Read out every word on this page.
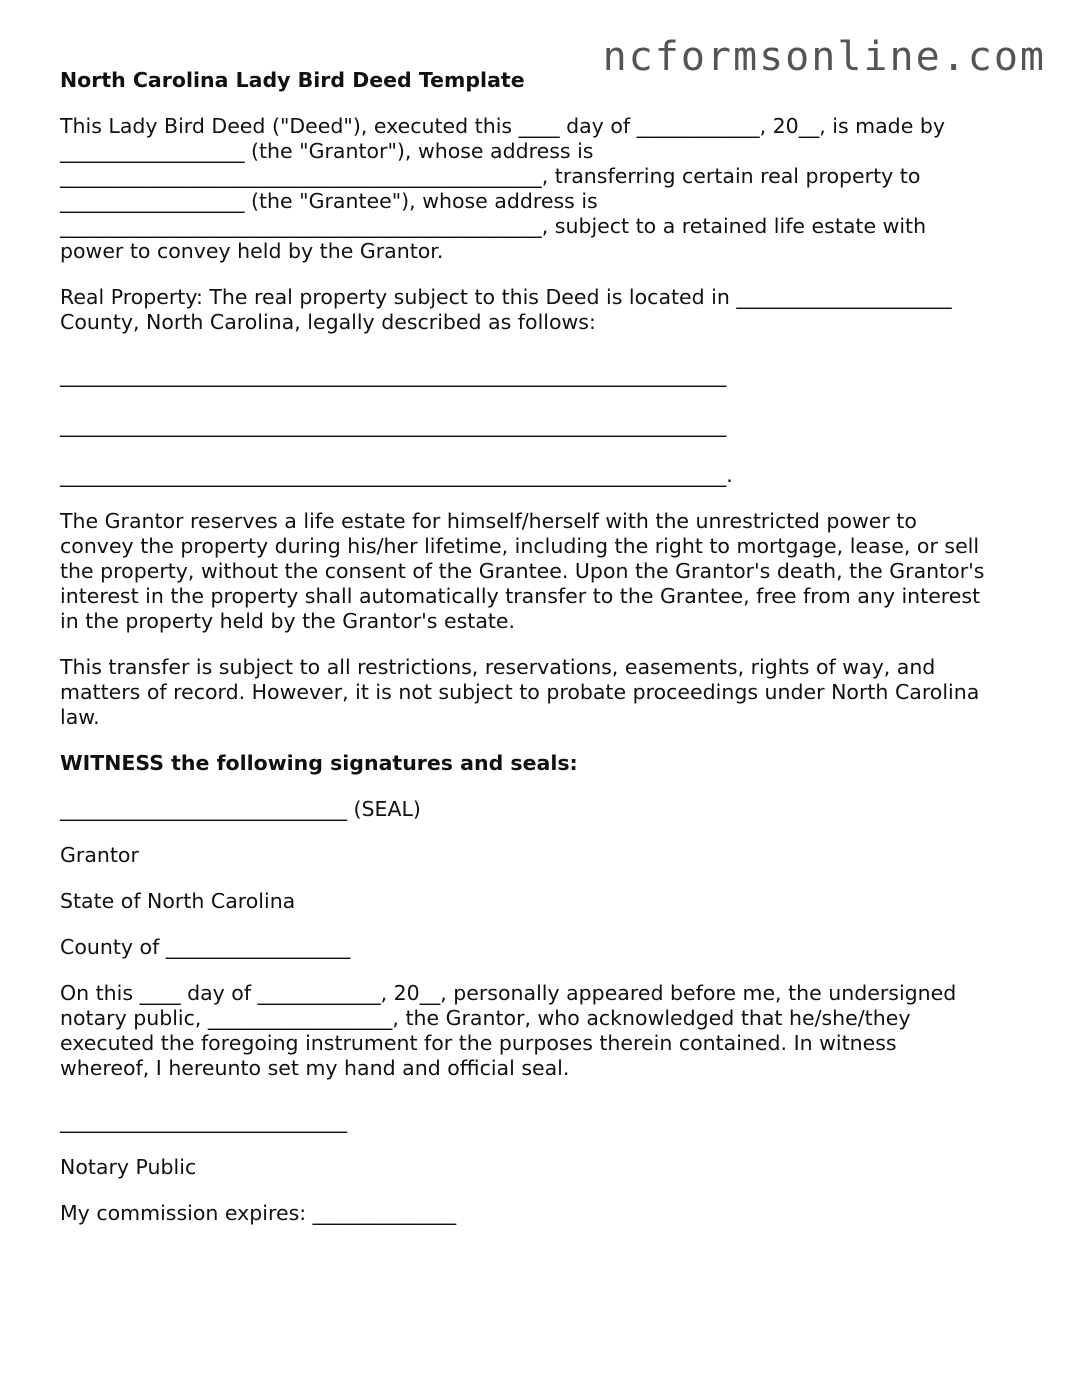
ncformsonline.com
North Carolina Lady Bird Deed Template
This Lady Bird Deed ("Deed"), executed this ____ day of ____________, 20__, is made by
__________________ (the "Grantor"), whose address is
_______________________________________________, transferring certain real property to
__________________ (the "Grantee"), whose address is
_______________________________________________, subject to a retained life estate with
power to convey held by the Grantor.
Real Property: The real property subject to this Deed is located in _____________________
County, North Carolina, legally described as follows:
_________________________________________________________________
_________________________________________________________________
_________________________________________________________________.
The Grantor reserves a life estate for himself/herself with the unrestricted power to
convey the property during his/her lifetime, including the right to mortgage, lease, or sell
the property, without the consent of the Grantee. Upon the Grantor's death, the Grantor's
interest in the property shall automatically transfer to the Grantee, free from any interest
in the property held by the Grantor's estate.
This transfer is subject to all restrictions, reservations, easements, rights of way, and
matters of record. However, it is not subject to probate proceedings under North Carolina
law.
WITNESS the following signatures and seals:
____________________________ (SEAL)
Grantor
State of North Carolina
County of __________________
On this ____ day of ____________, 20__, personally appeared before me, the undersigned
notary public, __________________, the Grantor, who acknowledged that he/she/they
executed the foregoing instrument for the purposes therein contained. In witness
whereof, I hereunto set my hand and official seal.
____________________________
Notary Public
My commission expires: ______________
